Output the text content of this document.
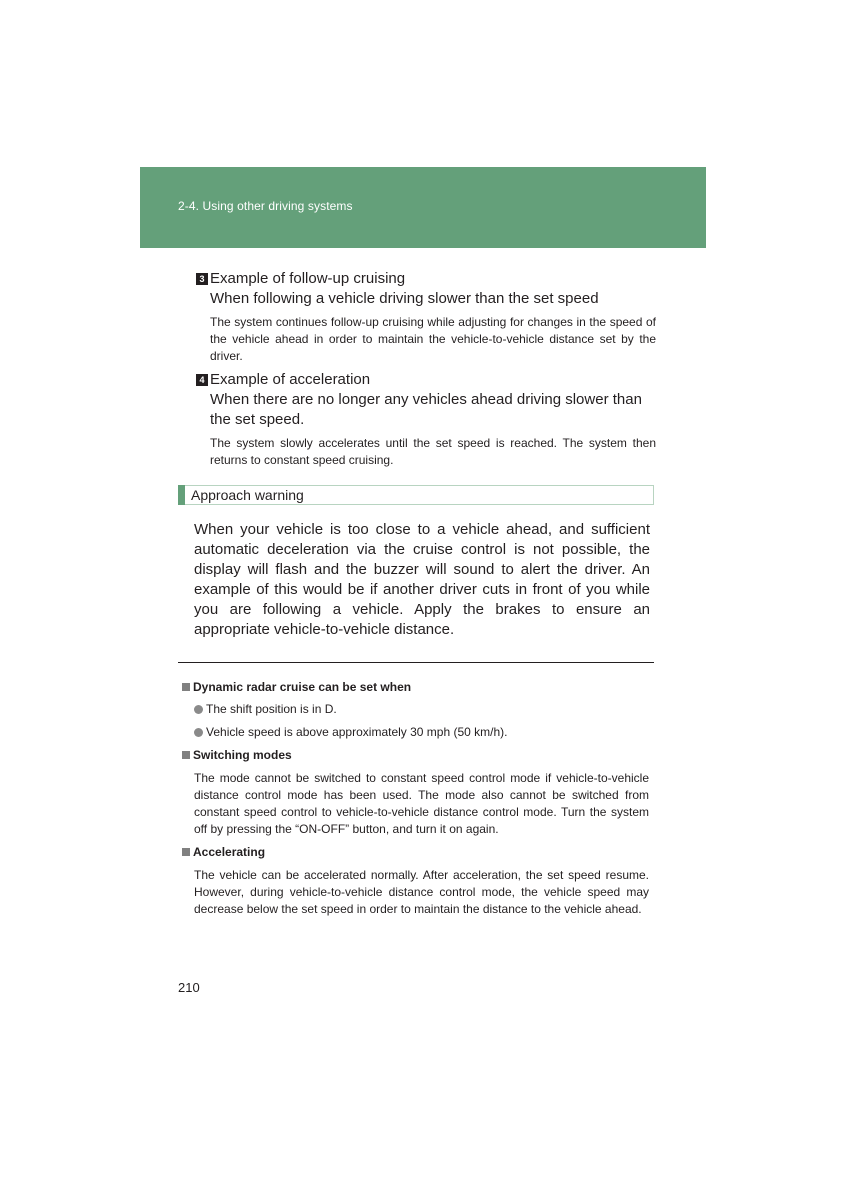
2-4. Using other driving systems
3 Example of follow-up cruising
When following a vehicle driving slower than the set speed
The system continues follow-up cruising while adjusting for changes in the speed of the vehicle ahead in order to maintain the vehicle-to-vehicle distance set by the driver.
4 Example of acceleration
When there are no longer any vehicles ahead driving slower than the set speed.
The system slowly accelerates until the set speed is reached. The system then returns to constant speed cruising.
Approach warning
When your vehicle is too close to a vehicle ahead, and sufficient automatic deceleration via the cruise control is not possible, the display will flash and the buzzer will sound to alert the driver. An example of this would be if another driver cuts in front of you while you are following a vehicle. Apply the brakes to ensure an appropriate vehicle-to-vehicle distance.
Dynamic radar cruise can be set when
The shift position is in D.
Vehicle speed is above approximately 30 mph (50 km/h).
Switching modes
The mode cannot be switched to constant speed control mode if vehicle-to-vehicle distance control mode has been used. The mode also cannot be switched from constant speed control to vehicle-to-vehicle distance control mode. Turn the system off by pressing the “ON-OFF” button, and turn it on again.
Accelerating
The vehicle can be accelerated normally. After acceleration, the set speed resume. However, during vehicle-to-vehicle distance control mode, the vehicle speed may decrease below the set speed in order to maintain the distance to the vehicle ahead.
210
